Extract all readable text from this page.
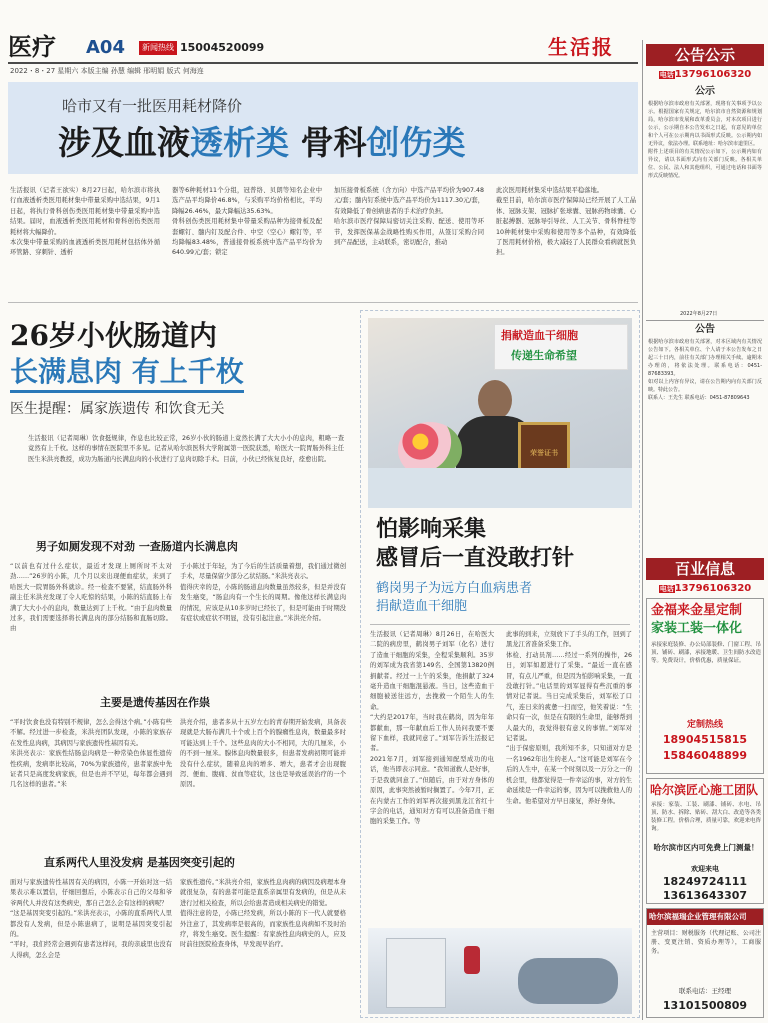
医疗 A04	新闻热线 15004520099	生活报
2022・8・27 星期六 本版主编 孙慧 编辑 邢明娟 版式 何海连
哈市又有一批医用耗材降价
涉及血液透析类 骨科创伤类
生活报讯（记者王欲实）8月27日起，哈尔滨市将执行血液透析类医用耗材集中带量采购中选结果，9月1日起，将执行骨科创伤类医用耗材集中带量采购中选结果。届时，血液透析类医用耗材和骨科创伤类医用耗材将大幅降价。
本次集中带量采购的血液透析类医用耗材包括体外循环管路、穿刺针、透析
器等6种耗材11个分组，冠普络、贝朗等知名企业中选产品平均降价46.8%，与采购平均价格相比，平均降幅26.46%，最大降幅达35.63%。
骨科创伤类医用耗材集中带量采购品种为接骨板及配套螺钉、髓内钉及配合件、中空（空心）螺钉等，平均降幅83.48%，普通接骨板系统中选产品平均价为640.99元/套；锁定
加压接骨板系统（含方向）中选产品平均价为907.48元/套；髓内钉系统中选产品平均价为1117.30元/套，有效降低了骨创病患者的手术治疗负担。
哈尔滨市医疗保障局密切关注采购、配送、使用等环节，发挥医保基金战略性购买作用，从签订采购合同到产品配送，主动联系，密切配合，推动
此次医用耗材集采中选结果平稳落地。
截至目前，哈尔滨市医疗保障局已经开展了人工晶体、冠脉支架、冠脉扩张球囊、冠脉药物球囊、心脏起搏器、冠脉导引导丝、人工关节、骨科脊柱等10种耗材集中采购和使用等多个品种，有效降低了医用耗材价格，极大减轻了人民群众看病就医负担。
26岁小伙肠道内
长满息肉 有上千枚
医生提醒：属家族遗传 和饮食无关
生活报讯（记者周琳）饮食挺规律，作息也比较正常，26岁小伙的肠道上竟然长满了大大小小的息肉，粗略一查竟然有上千枚。这样的事情在医院里不多见。记者从哈尔滨医科大学附属第一医院获悉，哈医大一院胃肠外科主任医生米洪亮教授，成功为肠道内长满息肉的小伙进行了息肉切除手术。目前，小伙已经恢复良好，痊愈出院。
男子如厕发现不对劲 一查肠道内长满息肉
“以前也有过什么症状，最近才发现上厕所时不太对劲……”26岁的小陈，几个月以来出现便血症状，来到了哈医大一院胃肠外科就诊。经一检查不要紧，结直肠外科副主任米洪亮发现了令人吃惊的结果，小陈的结直肠上布满了大大小小的息肉，数量达到了上千枚。“由于息肉数量过多，我们需要选择将长满息肉的部分结肠和直肠切除。由
于小陈过于年轻，为了今后的生活质量着想，我们通过微创手术，尽量保留少部分乙状结肠。”米洪亮表示。
值得庆幸的是，小陈的肠道息肉数量虽然较多，但是并没有发生癌变，“肠息肉有一个生长的周期。像他这样长满息肉的情况，应该是从10多岁时已经长了，但是可能由于时期没有症状或症状不明显，没有引起注意。”米洪亮介绍。
主要是遗传基因在作祟
“平时饮食也没有特别不规律，怎么会得这个病。”小陈有些不解。经过进一步检查，米洪亮团队发现，小陈的家族存在发性息肉病，其病因与家族遗传性基因有关。
米洪亮表示：家族性结肠息肉病是一种常染色体显性遗传性疾病，发病率比较高，70%为家族遗传，患者家族中先证者只是高度发病家族，但是也并不罕见，每年都会遇到几名这样的患者。”米
洪亮介绍，患者多从十五岁左右的青春期开始发病，具备表现就是大肠布满几十个或上百个的腺瘤性息肉，数量最多时可能达到上千个。这些息肉的大小不相同，大的几厘米，小的不到一厘米。腺体息肉数量很多，但患者发病初期可能并没有什么症状，随着息肉的增多、增大，患者才会出现腹泻、便血、腹痛、贫血等症状，这也是导致延误治疗的一个原因。
直系两代人里没发病 是基因突变引起的
面对与家族遗传性基因有关的病因，小陈一开始对这一结果表示难以置信，仔细回想后，小陈表示自己的父母和爷爷两代人并没有这类病史，那自己怎么会有这样的病呢？
“这是基因突变引起的。”米洪亮表示，小陈的直系两代人里都没有人发病，但是小陈患病了，说明是基因突变引起的。
“平时，我们经常会遇到有患者这样问，我的亲戚里也没有人得病，怎么会是
家族性遗传。”米洪亮介绍，家族性息肉病的病因及病理本身就很复杂，有的患者可能是直系亲属里有发病的，但是从未进行过相关检查，所以会给患者造成相关病史的错觉。
值得注意的是，小陈已经发病，所以小陈的下一代人就要格外注意了，其发病率是很高的，而家族性息肉病如不及时治疗，将发生癌变。医生提醒：有家族性息肉病史的人，应及时前往医院检查身体，早发现早治疗。
捐献造血干细胞
传递生命希望
荣誉证书
怕影响采集
感冒后一直没敢打针
鹤岗男子为远方白血病患者
捐献造血干细胞
生活报讯（记者周琳）8月26日，在哈医大二院的病房里，鹤岗男子刘军（化名）进行了造血干细胞的采集，全程采集顺利。35岁的刘军成为我省第149名、全国第13820例捐献者。经过一上午的采集，他捐献了324毫升造血干细胞混悬液。当日，这些造血干细胞被送往远方，去挽救一个陌生人的生命。
“大约是2017年，当时我在鹤岗，因为年年都献血，那一年献血后工作人员问我要不要留下血样，我就同意了。”刘军告诉生活报记者。
2021年7月，刘军接到通知配型成功的电话，他当即表示同意。“我知道救人是好事，于是我就同意了。”但随后，由于对方身体的原因，此事突然被暂时搁置了。今年7月，正在内蒙古工作的刘军再次接到黑龙江省红十字会的电话，通知对方有可以准备造血干细胞的采集工作。等
此事的到来，立刻放下了手头的工作，回到了黑龙江省准备采集工作。
体检、打动员剂……经过一系列的操作，26日，刘军如愿进行了采集。“最近一直在感冒，有点儿严重，但是因为怕影响采集，一直没敢打针。”电话里的刘军显得有些沉重的事情对记者说。当日完成采集后，刘军松了口气，连日来的疲惫一扫而空，他笑着说：“生命只有一次，但是在有限的生命里，能够帮到人最大的，我觉得很有意义的事情。”刘军对记者说。
“出于保密原则，我所知不多，只知道对方是一名1962年出生的老人。”这可能是刘军在今后的人生中，在某一个时刻以及一万分之一的机会里，他都觉得是一件幸运的事，对方的生命延续是一件幸运的事，因为可以挽救他人的生命。他希望对方早日康复，养好身体。
公告公示
电话13796106320
公示
根据哈尔滨市政府有关部署，现将有关事项予以公示。根据国家有关规定，哈尔滨市自然资源和规划局，哈尔滨市发展和改革委员会，对本次项目进行公示，公示期自本公告发布之日起，有意见的单位和个人可在公示期内以书面形式反映。公示期内如无异议，依法办理。联系地址：哈尔滨市道里区。
附件上述项目的有关情况公示如下，公示期内如有异议，请以书面形式向有关部门反映。各相关单位、公民、法人和其他组织，可通过电话和书面等形式反映情况。
2022年8月27日
公告
根据哈尔滨市政府有关部署，对本区域内有关情况公告如下。各相关单位、个人请于本公告发布之日起三十日内，前往有关部门办理相关手续。逾期未办理的，将依法处理。联系电话：0451-87683393。
如对以上内容有异议，请在公告期内向有关部门反映。特此公告。
联系人：王先生 联系电话：0451-87809643
百业信息
电话13796106320
金福来金星定制
家装工装一体化
承接家庭装修、办公局部装修、门窗工程、吊顶、铺砖、刷漆，承接地暖、卫生间防水改造等。免费设计，价格优惠，质量保证。
定制热线
18904515815
15846048899
哈尔滨匠心施工团队
承接：家装、工装、刷漆、铺砖、水电、吊顶、防水、拆除、贴砖、刮大白、改造等各类装修工程。价格合理，质量可靠，欢迎来电咨询。
哈尔滨市区内可免费上门测量！
欢迎来电
18249724111
13613643307
哈尔滨福瑞企业管理有限公司
主营项目：财税服务（代理记账、公司注册、变更注销、资质办理等），工商服务。
联系电话：王经理
13101500809
